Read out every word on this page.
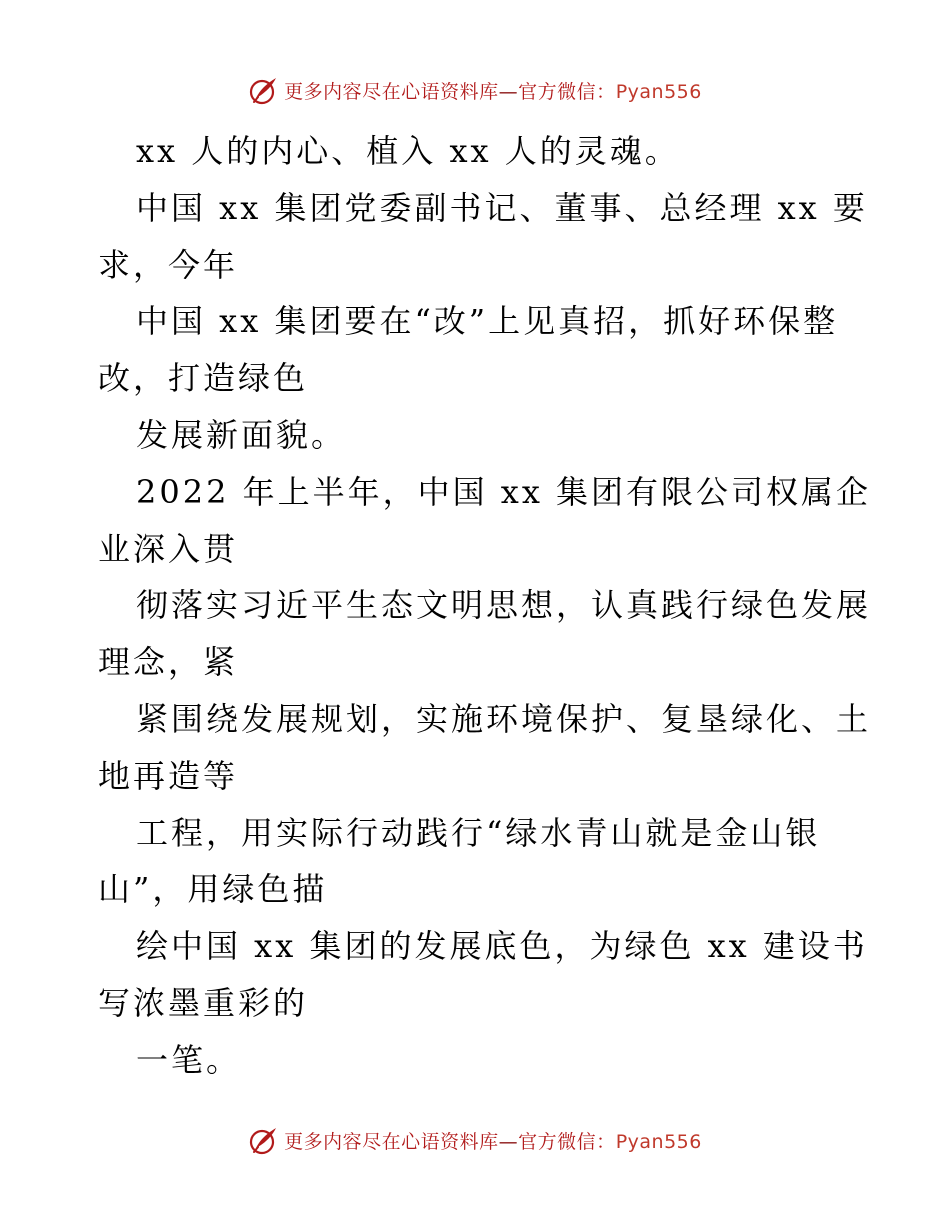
更多内容尽在心语资料库—官方微信：Pyan556
xx 人的内心、植入 xx 人的灵魂。
中国 xx 集团党委副书记、董事、总经理 xx 要
求，今年
中国 xx 集团要在“改”上见真招，抓好环保整
改，打造绿色
发展新面貌。
2022 年上半年，中国 xx 集团有限公司权属企
业深入贯
彻落实习近平生态文明思想，认真践行绿色发展
理念，紧
紧围绕发展规划，实施环境保护、复垦绿化、土
地再造等
工程，用实际行动践行“绿水青山就是金山银
山”，用绿色描
绘中国 xx 集团的发展底色，为绿色 xx 建设书
写浓墨重彩的
一笔。
更多内容尽在心语资料库—官方微信：Pyan556
